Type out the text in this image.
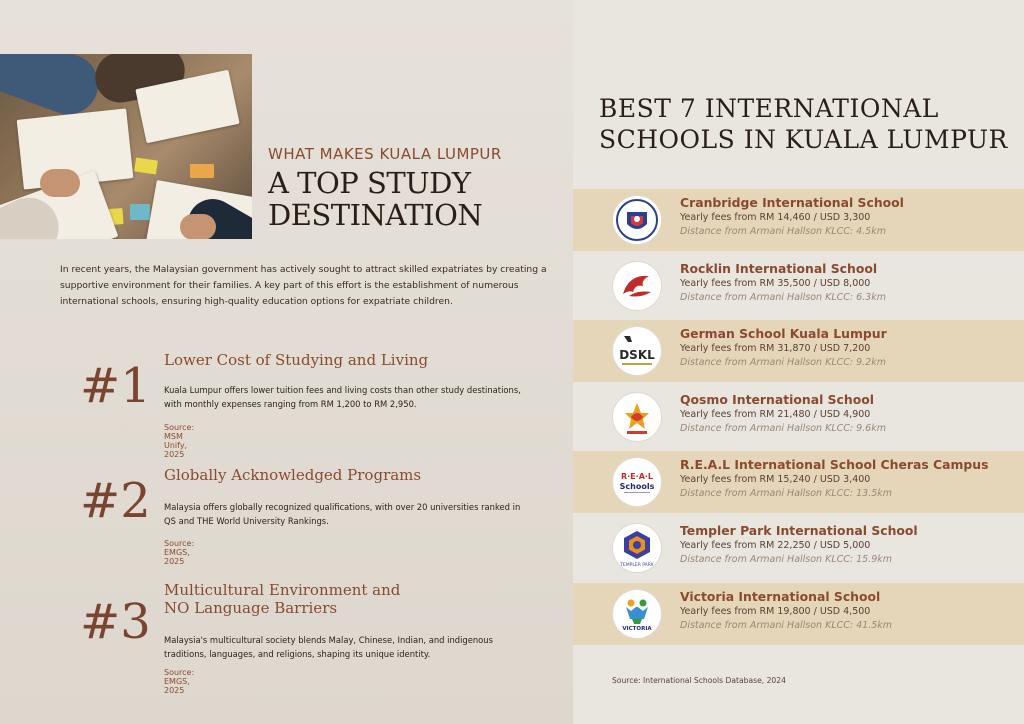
WHAT MAKES KUALA LUMPUR
A TOP STUDY
DESTINATION

In recent years, the Malaysian government has actively sought to attract skilled expatriates by creating a supportive environment for their families. A key part of this effort is the establishment of numerous international schools, ensuring high-quality education options for expatriate children.

#1 Lower Cost of Studying and Living
Kuala Lumpur offers lower tuition fees and living costs than other study destinations, with monthly expenses ranging from RM 1,200 to RM 2,950.
Source: MSM Unify, 2025
#2 Globally Acknowledged Programs
Malaysia offers globally recognized qualifications, with over 20 universities ranked in QS and THE World University Rankings.
Source: EMGS, 2025
#3
Multicultural Environment and
NO Language Barriers
Malaysia's multicultural society blends Malay, Chinese, Indian, and indigenous traditions, languages, and religions, shaping its unique identity.
Source: EMGS, 2025
BEST 7 INTERNATIONAL
SCHOOLS IN KUALA LUMPUR
Cranbridge International School
Yearly fees from RM 14,460 / USD 3,300
Distance from Armani Hallson KLCC: 4.5km
Rocklin International School
Yearly fees from RM 35,500 / USD 8,000
Distance from Armani Hallson KLCC: 6.3km
DSKL
German School Kuala Lumpur
Yearly fees from RM 31,870 / USD 7,200
Distance from Armani Hallson KLCC: 9.2km
Qosmo International School
Yearly fees from RM 21,480 / USD 4,900
Distance from Armani Hallson KLCC: 9.6km
R·E·A·L
Schools
R.E.A.L International School Cheras Campus
Yearly fees from RM 15,240 / USD 3,400
Distance from Armani Hallson KLCC: 13.5km
TEMPLER PARK
Templer Park International School
Yearly fees from RM 22,250 / USD 5,000
Distance from Armani Hallson KLCC: 15.9km
VICTORIA
Victoria International School
Yearly fees from RM 19,800 / USD 4,500
Distance from Armani Hallson KLCC: 41.5km
Source: International Schools Database, 2024
